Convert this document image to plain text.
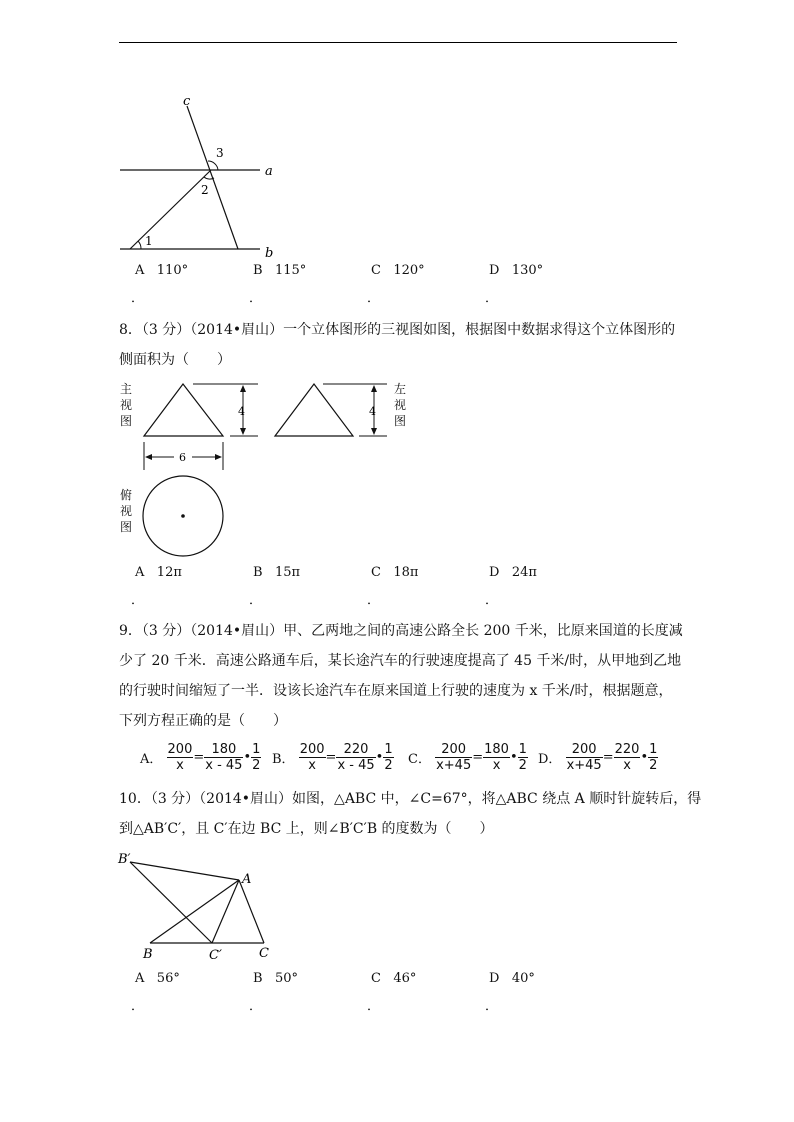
c
a
b
3
2
1
A 110°	B 115°	C 120°	D 130°
．	．	．	．
8．（3 分）（2014•眉山）一个立体图形的三视图如图，根据图中数据求得这个立体图形的
侧面积为（　　）
4	4
6
主视图
左视图
俯视图
A 12π	B 15π	C 18π	D 24π
．	．	．	．
9．（3 分）（2014•眉山）甲、乙两地之间的高速公路全长 200 千米，比原来国道的长度减
少了 20 千米．高速公路通车后，某长途汽车的行驶速度提高了 45 千米/时，从甲地到乙地
的行驶时间缩短了一半．设该长途汽车在原来国道上行驶的速度为 x 千米/时，根据题意，
下列方程正确的是（　　）
A． $\frac{200}{x} = \frac{180}{x - 45}$ • $\frac{1}{2}$ B． $\frac{200}{x} = \frac{220}{x - 45}$ • $\frac{1}{2}$ C． $\frac{200}{x+45} = \frac{180}{x}$ • $\frac{1}{2}$ D． $\frac{200}{x+45} = \frac{220}{x}$ • $\frac{1}{2}$
10．（3 分）（2014•眉山）如图，△ABC 中，∠C=67°，将△ABC 绕点 A 顺时针旋转后，得
到△AB′C′，且 C′在边 BC 上，则∠B′C′B 的度数为（　　）
B′
A
B	C′	C
A 56°	B 50°	C 46°	D 40°
．	．	．	．
